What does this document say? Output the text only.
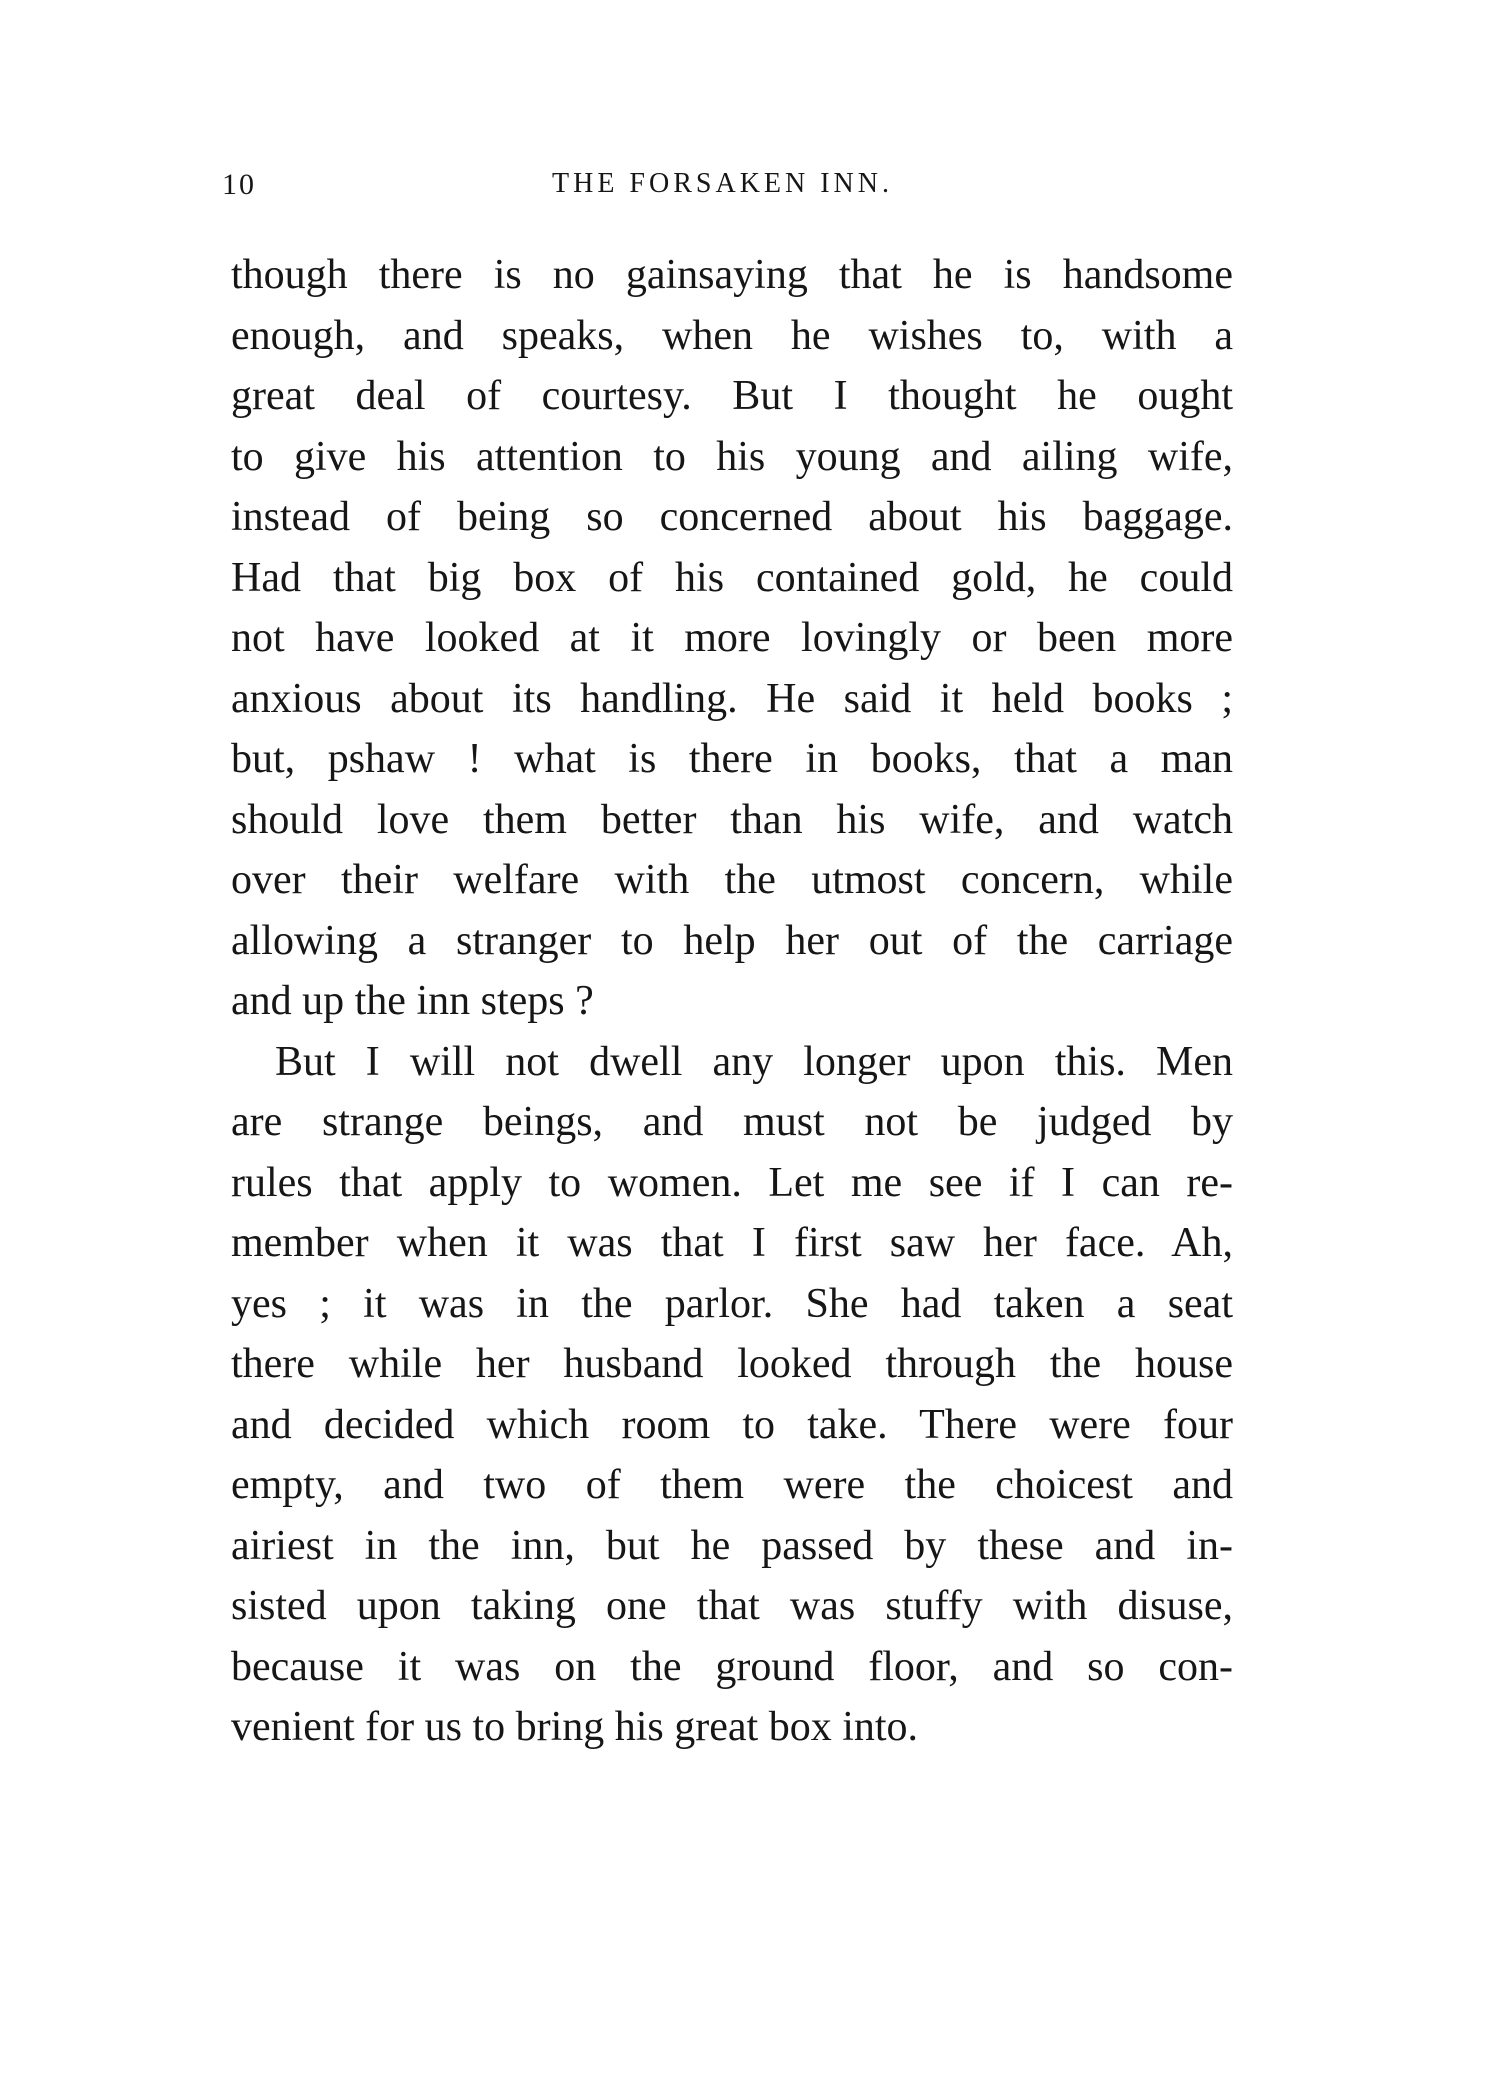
10	THE FORSAKEN INN.
though there is no gainsaying that he is handsome
enough, and speaks, when he wishes to, with a
great deal of courtesy. But I thought he ought
to give his attention to his young and ailing wife,
instead of being so concerned about his baggage.
Had that big box of his contained gold, he could
not have looked at it more lovingly or been more
anxious about its handling. He said it held books ;
but, pshaw ! what is there in books, that a man
should love them better than his wife, and watch
over their welfare with the utmost concern, while
allowing a stranger to help her out of the carriage
and up the inn steps ?
But I will not dwell any longer upon this. Men
are strange beings, and must not be judged by
rules that apply to women. Let me see if I can re-
member when it was that I first saw her face. Ah,
yes ; it was in the parlor. She had taken a seat
there while her husband looked through the house
and decided which room to take. There were four
empty, and two of them were the choicest and
airiest in the inn, but he passed by these and in-
sisted upon taking one that was stuffy with disuse,
because it was on the ground floor, and so con-
venient for us to bring his great box into.
